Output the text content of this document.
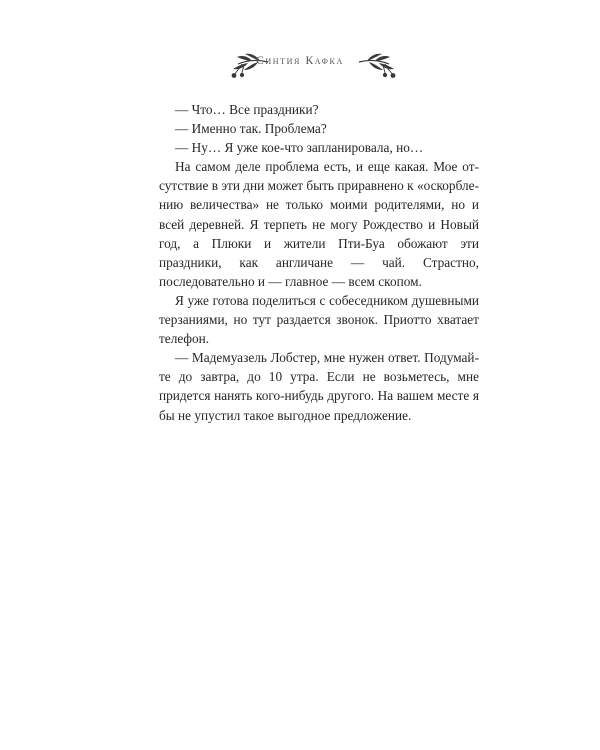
Синтия Кафка

— Что… Все праздники?

— Именно так. Проблема?

— Ну… Я уже кое-что запланировала, но…

На самом деле проблема есть, и еще какая. Мое отсутствие в эти дни может быть приравнено к «оскорблению величества» не только моими родителями, но и всей деревней. Я терпеть не могу Рождество и Новый год, а Плюки и жители Пти-Буа обожают эти праздники, как англичане — чай. Страстно, последовательно и — главное — всем скопом.

Я уже готова поделиться с собеседником душевными терзаниями, но тут раздается звонок. Приотто хватает телефон.

— Мадемуазель Лобстер, мне нужен ответ. Подумайте до завтра, до 10 утра. Если не возьметесь, мне придется нанять кого-нибудь другого. На вашем месте я бы не упустил такое выгодное предложение.
